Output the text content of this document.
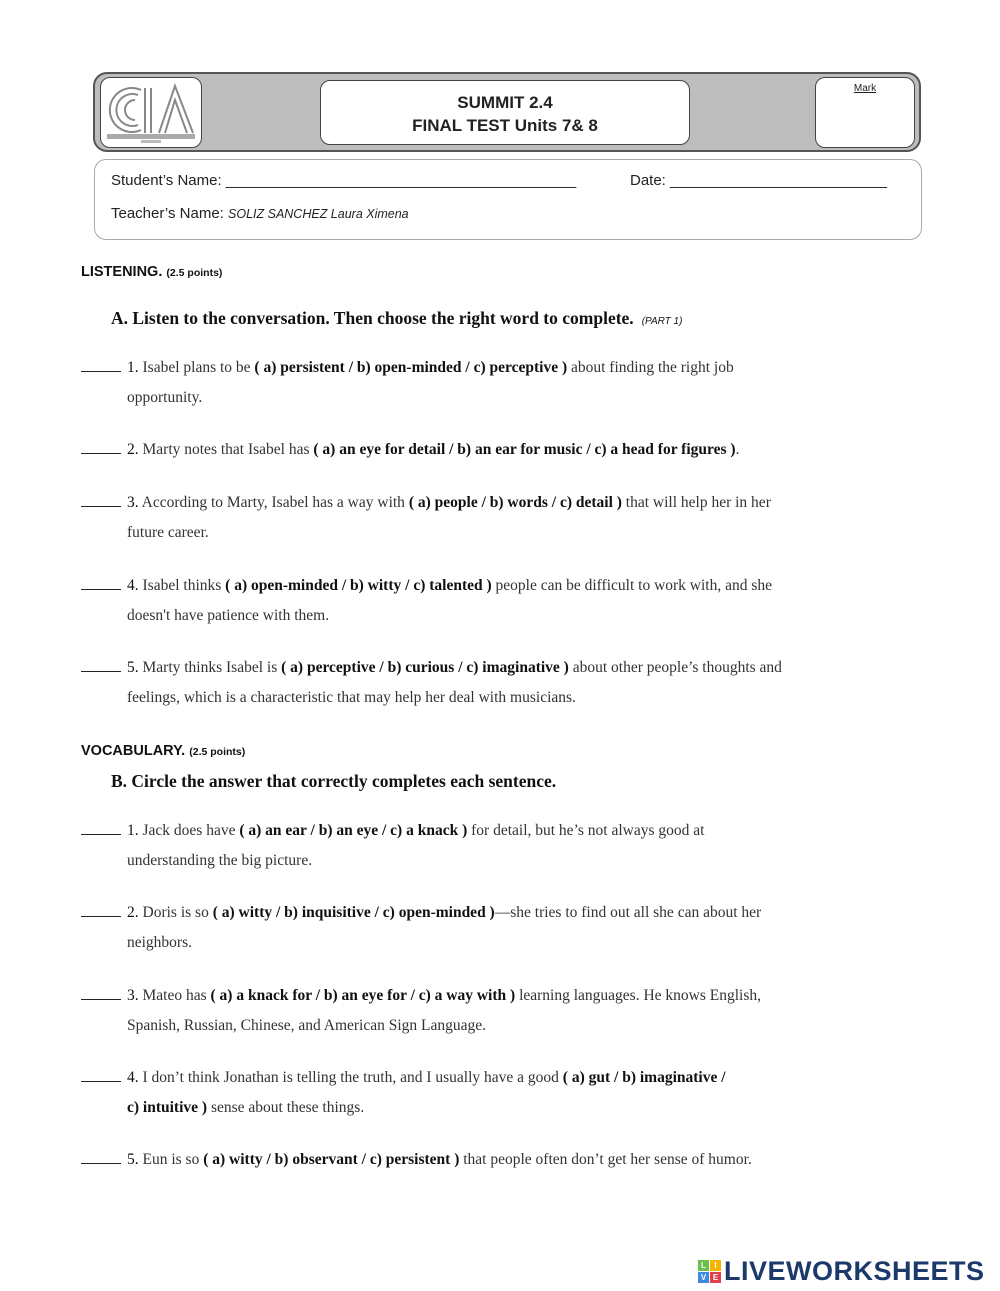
SUMMIT 2.4
FINAL TEST Units 7& 8
Mark
Student’s Name: __________________________________________	Date: __________________________
Teacher’s Name: SOLIZ SANCHEZ Laura Ximena
LISTENING. (2.5 points)
A. Listen to the conversation. Then choose the right word to complete. (PART 1)
1. Isabel plans to be ( a) persistent / b) open-minded / c) perceptive ) about finding the right job
opportunity.
2. Marty notes that Isabel has ( a) an eye for detail / b) an ear for music / c) a head for figures ).
3. According to Marty, Isabel has a way with ( a) people / b) words / c) detail ) that will help her in her
future career.
4. Isabel thinks ( a) open-minded / b) witty / c) talented ) people can be difficult to work with, and she
doesn't have patience with them.
5. Marty thinks Isabel is ( a) perceptive / b) curious / c) imaginative ) about other people’s thoughts and
feelings, which is a characteristic that may help her deal with musicians.
VOCABULARY. (2.5 points)
B. Circle the answer that correctly completes each sentence.
1. Jack does have ( a) an ear / b) an eye / c) a knack ) for detail, but he’s not always good at
understanding the big picture.
2. Doris is so ( a) witty / b) inquisitive / c) open-minded )—she tries to find out all she can about her
neighbors.
3. Mateo has ( a) a knack for / b) an eye for / c) a way with ) learning languages. He knows English,
Spanish, Russian, Chinese, and American Sign Language.
4. I don’t think Jonathan is telling the truth, and I usually have a good ( a) gut / b) imaginative /
c) intuitive ) sense about these things.
5. Eun is so ( a) witty / b) observant / c) persistent ) that people often don’t get her sense of humor.
L	I
V E LIVEWORKSHEETS
